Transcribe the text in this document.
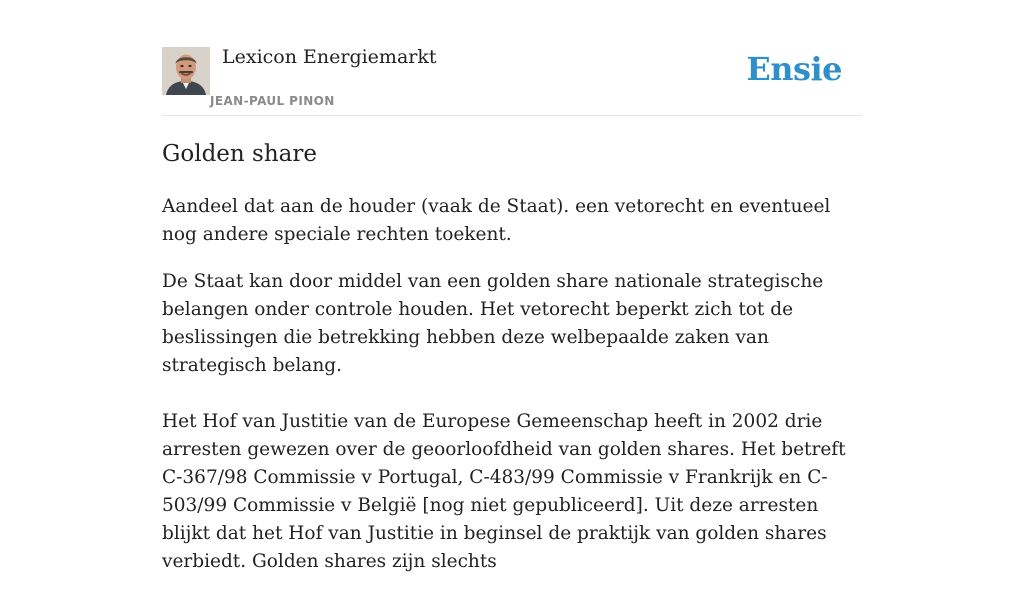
Lexicon Energiemarkt
JEAN-PAUL PINON
Ensie
Golden share

Aandeel dat aan de houder (vaak de Staat). een vetorecht en eventueel nog andere speciale rechten toekent.

De Staat kan door middel van een golden share nationale strategische belangen onder controle houden. Het vetorecht beperkt zich tot de beslissingen die betrekking hebben deze welbepaalde zaken van strategisch belang.

Het Hof van Justitie van de Europese Gemeenschap heeft in 2002 drie arresten gewezen over de geoorloofdheid van golden shares. Het betreft C-367/98 Commissie v Portugal, C-483/99 Commissie v Frankrijk en C-503/99 Commissie v België [nog niet gepubliceerd]. Uit deze arresten blijkt dat het Hof van Justitie in beginsel de praktijk van golden shares verbiedt. Golden shares zijn slechts
